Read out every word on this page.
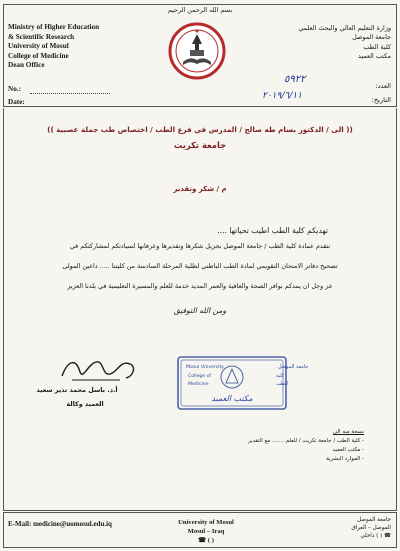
Ministry of Higher Education
& Scientific Research
University of Mosul
College of Medicine
Dean Office
No.:
Date:
بسم الله الرحمن الرحيم
وزارة التعليم العالي والبحث العلمي
جامعة الموصل
كلية الطب
مكتب العميد
العدد:
٥٩٢٢
التاريخ:
٢٠١٩/٦/١١
(( الى / الدكتور بسام طه صالح / المدرس في فرع الطب / اختصاص طب جملة عصبية ))
جامعة تكريت
م / شكر وتقدير
تهديكم كلية الطب اطيب تحياتها ....
نتقدم عمادة كلية الطب / جامعة الموصل بجزيل شكرها وتقديرها وعرفانها لسيادتكم لمشاركتكم في
تصحيح دفاتر الامتحان التقويمي لمادة الطب الباطني لطلبة المرحلة السادسة من كليتنا ..... داعين المولى
عز وجل ان يمدكم بوافر الصحة والعافية والعمر المديد خدمة للعلم والمسيرة التعليمية في بلدنا العزيز
ومن الله التوفيق
أ.د. باسل محمد نذير سعيد
العميد وكالة
Mosul University
College of
Medicine
جامعة الموصل
كلية
الطب
مكتب العميد
نسخة منه الى
- كلية الطب / جامعة تكريت / للعلم ....... مع التقدير
- مكتب العميد
- الموارد البشرية
E-Mail: medicine@uomosul.edu.iq	University of Mosul
Mosul – Iraq
☎ ( )
جامعة الموصل
الموصل – العراق
☎ ( ) داخلي
